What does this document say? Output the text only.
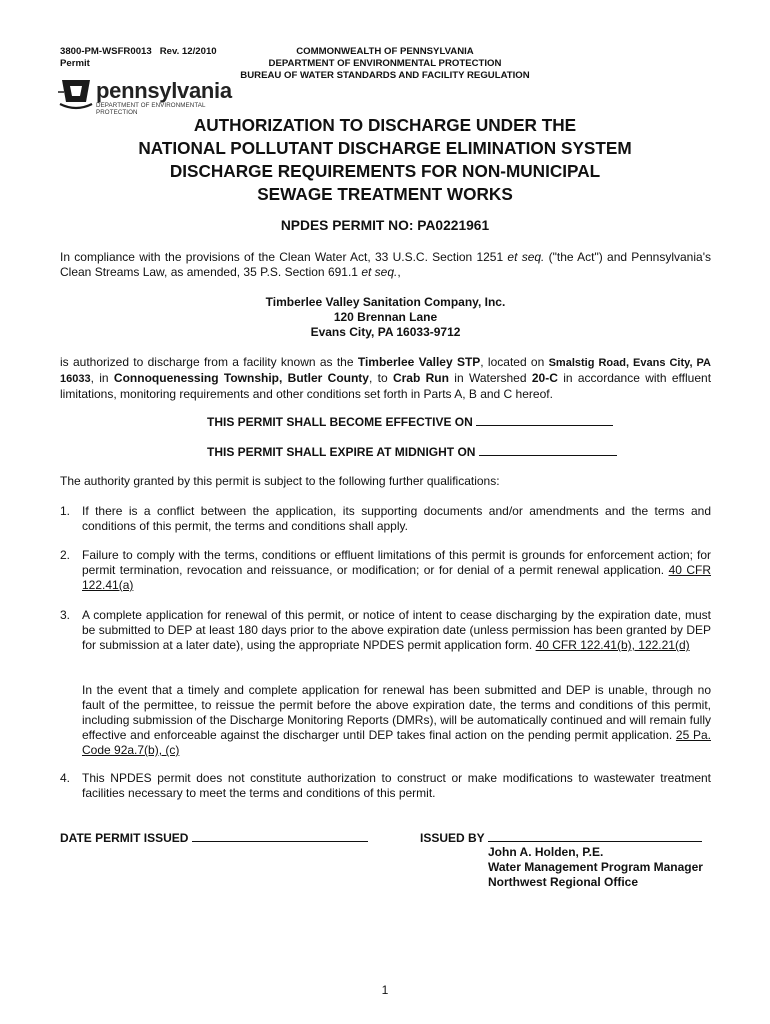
3800-PM-WSFR0013 Rev. 12/2010
Permit
COMMONWEALTH OF PENNSYLVANIA
DEPARTMENT OF ENVIRONMENTAL PROTECTION
BUREAU OF WATER STANDARDS AND FACILITY REGULATION
pennsylvania
DEPARTMENT OF ENVIRONMENTAL PROTECTION
AUTHORIZATION TO DISCHARGE UNDER THE
NATIONAL POLLUTANT DISCHARGE ELIMINATION SYSTEM
DISCHARGE REQUIREMENTS FOR NON-MUNICIPAL
SEWAGE TREATMENT WORKS
NPDES PERMIT NO: PA0221961
In compliance with the provisions of the Clean Water Act, 33 U.S.C. Section 1251 et seq. ("the Act") and Pennsylvania's Clean Streams Law, as amended, 35 P.S. Section 691.1 et seq.,
Timberlee Valley Sanitation Company, Inc.
120 Brennan Lane
Evans City, PA 16033-9712
is authorized to discharge from a facility known as the Timberlee Valley STP, located on Smalstig Road, Evans City, PA 16033, in Connoquenessing Township, Butler County, to Crab Run in Watershed 20-C in accordance with effluent limitations, monitoring requirements and other conditions set forth in Parts A, B and C hereof.
THIS PERMIT SHALL BECOME EFFECTIVE ON
THIS PERMIT SHALL EXPIRE AT MIDNIGHT ON
The authority granted by this permit is subject to the following further qualifications:
1. If there is a conflict between the application, its supporting documents and/or amendments and the terms and conditions of this permit, the terms and conditions shall apply.
2. Failure to comply with the terms, conditions or effluent limitations of this permit is grounds for enforcement action; for permit termination, revocation and reissuance, or modification; or for denial of a permit renewal application. 40 CFR 122.41(a)
3. A complete application for renewal of this permit, or notice of intent to cease discharging by the expiration date, must be submitted to DEP at least 180 days prior to the above expiration date (unless permission has been granted by DEP for submission at a later date), using the appropriate NPDES permit application form. 40 CFR 122.41(b), 122.21(d)
In the event that a timely and complete application for renewal has been submitted and DEP is unable, through no fault of the permittee, to reissue the permit before the above expiration date, the terms and conditions of this permit, including submission of the Discharge Monitoring Reports (DMRs), will be automatically continued and will remain fully effective and enforceable against the discharger until DEP takes final action on the pending permit application. 25 Pa. Code 92a.7(b), (c)
4. This NPDES permit does not constitute authorization to construct or make modifications to wastewater treatment facilities necessary to meet the terms and conditions of this permit.
DATE PERMIT ISSUED	ISSUED BY
John A. Holden, P.E.
Water Management Program Manager
Northwest Regional Office
1
